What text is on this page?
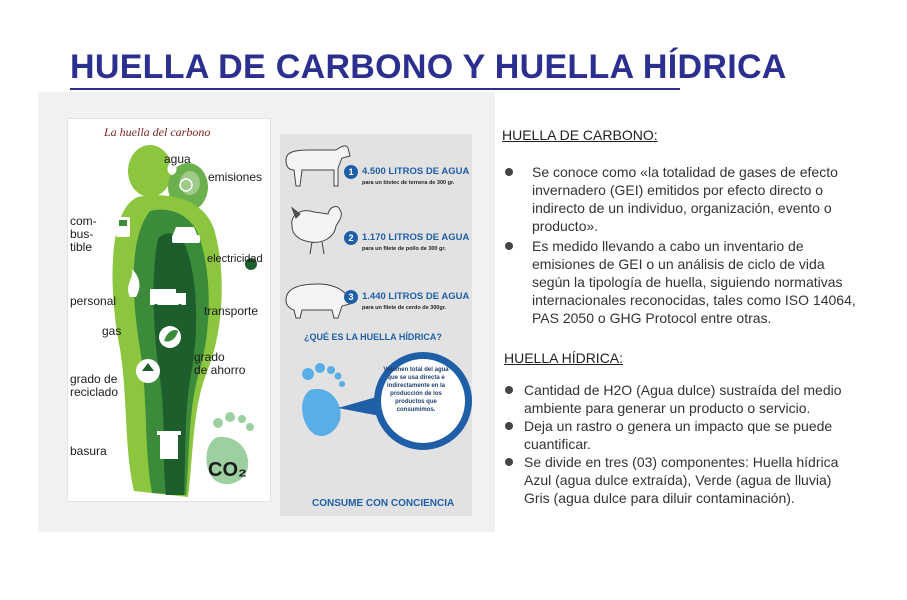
HUELLA DE CARBONO Y HUELLA HÍDRICA
La huella del carbono
agua
emisiones
com-
bus-
tible
electricidad
personal
gas
transporte
grado
de ahorro
grado de
reciclado
basura
CO₂
1 4.500 LITROS DE AGUA
para un bistec de ternera de 300 gr.
2 1.170 LITROS DE AGUA
para un filete de pollo de 300 gr.
3 1.440 LITROS DE AGUA
para un filete de cerdo de 300gr.
¿QUÉ ES LA HUELLA HÍDRICA?
Volumen total del agua que se usa directa e indirectamente en la producción de los productos que consumimos.
CONSUME CON CONCIENCIA
HUELLA DE CARBONO:
Se conoce como «la totalidad de gases de efecto invernadero (GEI) emitidos por efecto directo o indirecto de un individuo, organización, evento o producto».
Es medido llevando a cabo un inventario de emisiones de GEI o un análisis de ciclo de vida según la tipología de huella, siguiendo normativas internacionales reconocidas, tales como ISO 14064, PAS 2050 o GHG Protocol entre otras.
HUELLA HÍDRICA:
Cantidad de H2O (Agua dulce) sustraída del medio ambiente para generar un producto o servicio.
Deja un rastro o genera un impacto que se puede cuantificar.
Se divide en tres (03) componentes: Huella hídrica Azul (agua dulce extraída), Verde (agua de lluvia) Gris (agua dulce para diluir contaminación).
